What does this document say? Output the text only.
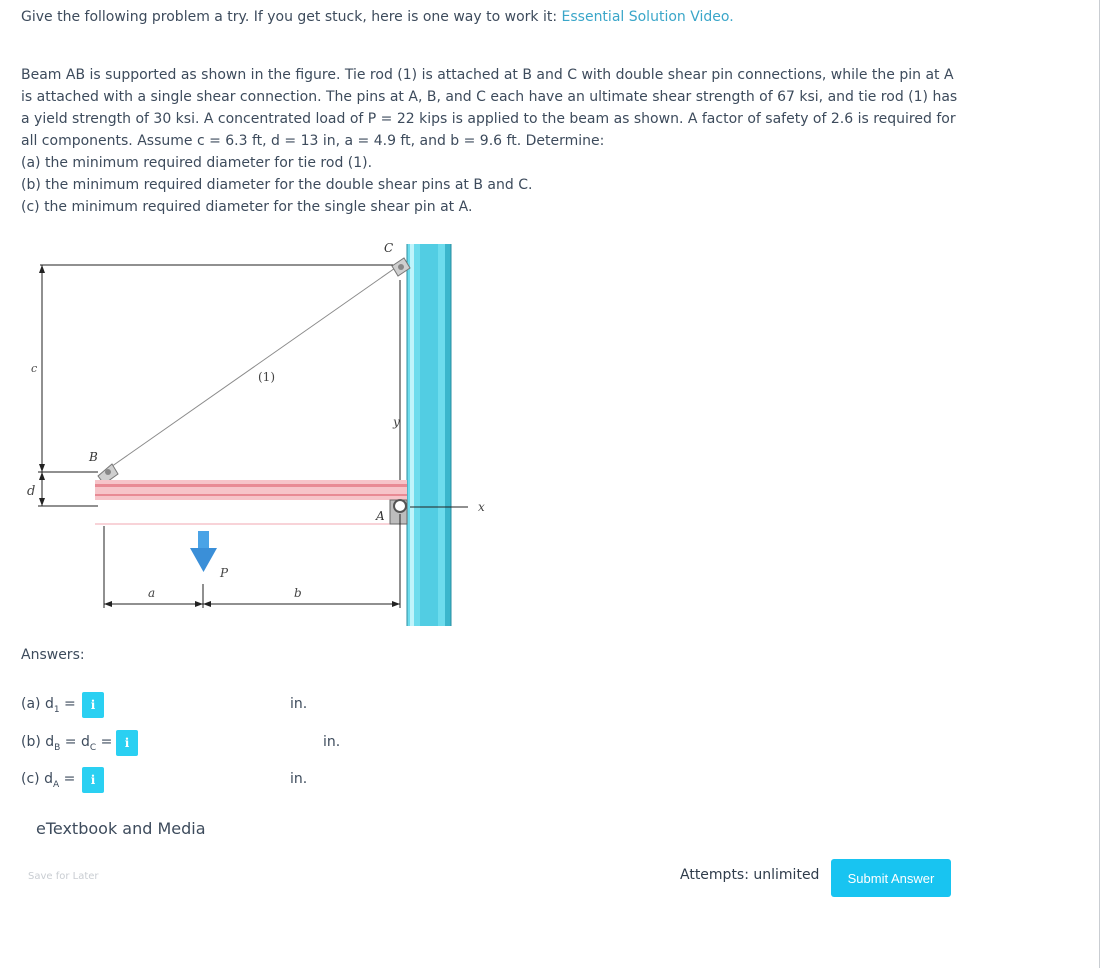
Give the following problem a try. If you get stuck, here is one way to work it: Essential Solution Video.

Beam AB is supported as shown in the figure. Tie rod (1) is attached at B and C with double shear pin connections, while the pin at A is attached with a single shear connection. The pins at A, B, and C each have an ultimate shear strength of 67 ksi, and tie rod (1) has a yield strength of 30 ksi. A concentrated load of P = 22 kips is applied to the beam as shown. A factor of safety of 2.6 is required for all components. Assume c = 6.3 ft, d = 13 in, a = 4.9 ft, and b = 9.6 ft. Determine:

(a) the minimum required diameter for tie rod (1).

(b) the minimum required diameter for the double shear pins at B and C.

(c) the minimum required diameter for the single shear pin at A.

c
d
(1)
B
C
y
A
x
P
a	b
Answers:
(a) $d_1$ =	i	in.
(b) $d_B = d_C$ =	i	in.
(c) $d_A$ =	i	in.
eTextbook and Media
Save for Later	Attempts: unlimited	Submit Answer
